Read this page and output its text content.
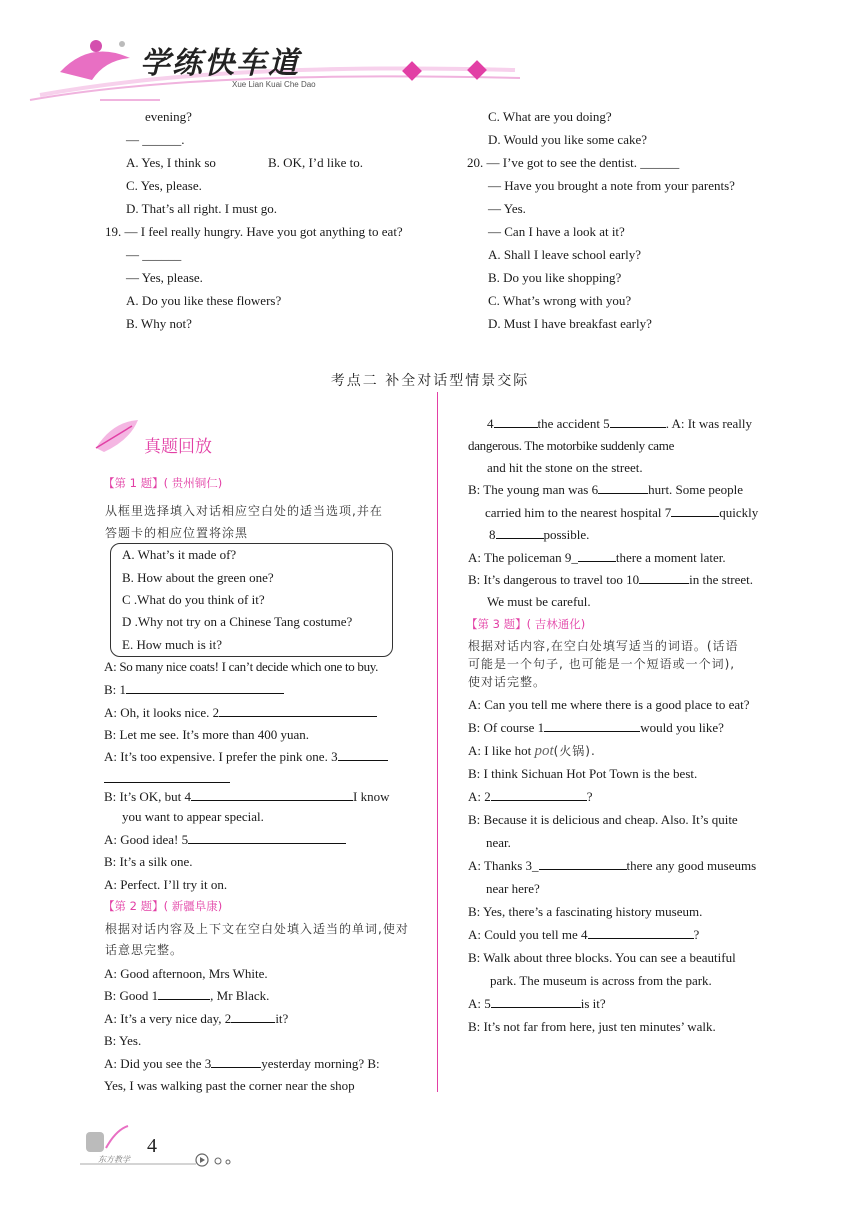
学练快车道
Xue Lian Kuai Che Dao
evening?
— ______.
A. Yes, I think so	B. OK, I’d like to.
C. Yes, please.
D. That’s all right. I must go.
19. — I feel really hungry. Have you got anything to eat?
— ______
— Yes, please.
A. Do you like these flowers?
B. Why not?
C. What are you doing?
D. Would you like some cake?
20. — I’ve got to see the dentist. ______
— Have you brought a note from your parents?
— Yes.
— Can I have a look at it?
A. Shall I leave school early?
B. Do you like shopping?
C. What’s wrong with you?
D. Must I have breakfast early?
考点二 补全对话型情景交际
真题回放
【第 1 题】( 贵州铜仁)
从框里选择填入对话相应空白处的适当选项,并在
答题卡的相应位置将涂黑
A. What’s it made of?
B. How about the green one?
C .What do you think of it?
D .Why not try on a Chinese Tang costume?
E. How much is it?
A: So many nice coats! I can’t decide which one to buy.
B: 1
A: Oh, it looks nice. 2
B: Let me see. It’s more than 400 yuan.
A: It’s too expensive. I prefer the pink one. 3
B: It’s OK, but 4	I know
you want to appear special.
A: Good idea! 5
B: It’s a silk one.
A: Perfect. I’ll try it on.
【第 2 题】( 新疆阜康)
根据对话内容及上下文在空白处填入适当的单词,使对
话意思完整。
A: Good afternoon, Mrs White.
B: Good 1	, Mr Black.
A: It’s a very nice day, 2	it?
B: Yes.
A: Did you see the 3	yesterday morning? B:
Yes, I was walking past the corner near the shop
4	the accident 5	. A: It was really
dangerous. The motorbike suddenly came
and hit the stone on the street.
B: The young man was 6	hurt. Some people
carried him to the nearest hospital 7	quickly
8	possible.
A: The policeman 9_	there a moment later.
B: It’s dangerous to travel too 10	in the street.
We must be careful.
【第 3 题】( 吉林通化)
根据对话内容,在空白处填写适当的词语。(话语
可能是一个句子, 也可能是一个短语或一个词),
使对话完整。
A: Can you tell me where there is a good place to eat?
B: Of course 1	would you like?
A: I like hot pot(火锅).
B: I think Sichuan Hot Pot Town is the best.
A: 2	?
B: Because it is delicious and cheap. Also. It’s quite
near.
A: Thanks 3_	there any good museums
near here?
B: Yes, there’s a fascinating history museum.
A: Could you tell me 4	?
B: Walk about three blocks. You can see a beautiful
park. The museum is across from the park.
A: 5	is it?
B: It’s not far from here, just ten minutes’ walk.
4
东方教学
